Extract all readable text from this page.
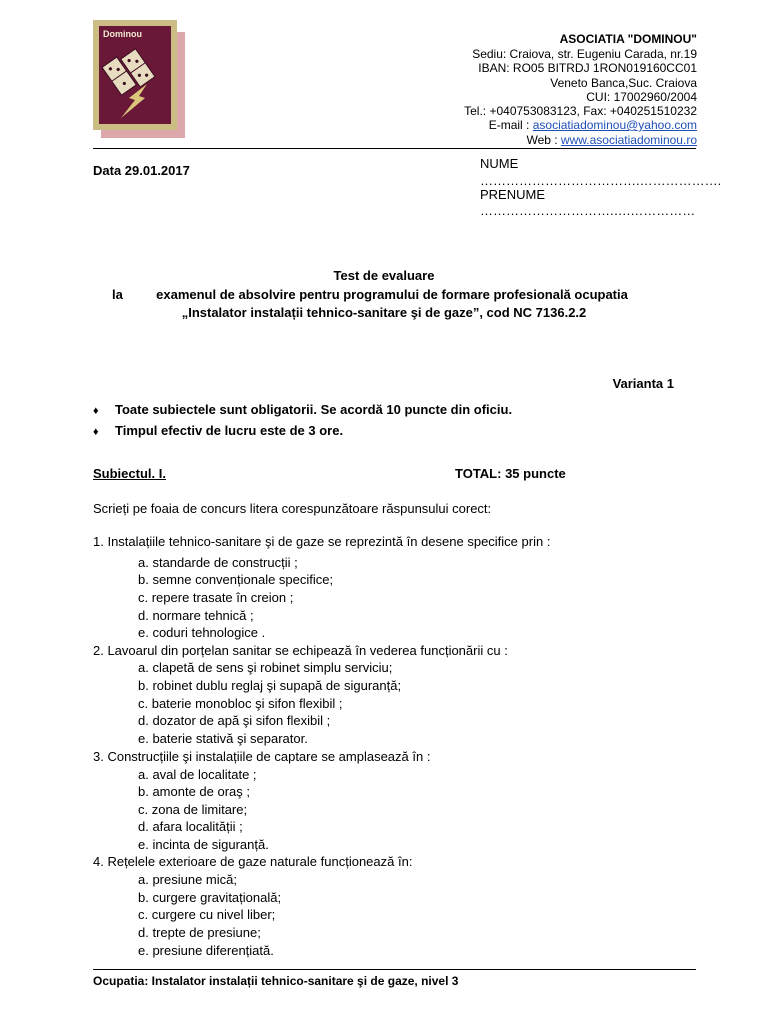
Dominou	ASOCIATIA "DOMINOU"
Sediu: Craiova, str. Eugeniu Carada, nr.19
IBAN: RO05 BITRDJ 1RON019160CC01
Veneto Banca,Suc. Craiova
CUI: 17002960/2004
Tel.: +040753083123, Fax: +040251510232
E-mail : asociatiadominou@yahoo.com
Web : www.asociatiadominou.ro
Data 29.01.2017	NUME
……………………………….……………….
PRENUME
………………………….….……………
Test de evaluare
la	examenul de absolvire pentru programului de formare profesională ocupatia
„Instalator instalații tehnico-sanitare şi de gaze”, cod NC 7136.2.2
Varianta 1
♦ Toate subiectele sunt obligatorii. Se acordă 10 puncte din oficiu.
♦ Timpul efectiv de lucru este de 3 ore.
Subiectul. I.	TOTAL: 35 puncte
Scrieți pe foaia de concurs litera corespunzătoare răspunsului corect:
1. Instalațiile tehnico-sanitare şi de gaze se reprezintă în desene specifice prin :
a. standarde de construcții ;
b. semne convenționale specifice;
c. repere trasate în creion ;
d. normare tehnică ;
e. coduri tehnologice .
2. Lavoarul din porțelan sanitar se echipează în vederea funcționării cu :
a. clapetă de sens şi robinet simplu serviciu;
b. robinet dublu reglaj şi supapă de siguranță;
c. baterie monobloc şi sifon flexibil ;
d. dozator de apă şi sifon flexibil ;
e. baterie stativă şi separator.
3. Construcțiile şi instalațiile de captare se amplasează în :
a. aval de localitate ;
b. amonte de oraş ;
c. zona de limitare;
d. afara localității ;
e. incinta de siguranță.
4. Rețelele exterioare de gaze naturale funcționează în:
a. presiune mică;
b. curgere gravitațională;
c. curgere cu nivel liber;
d. trepte de presiune;
e. presiune diferențiată.
Ocupatia: Instalator instalații tehnico-sanitare şi de gaze, nivel 3
